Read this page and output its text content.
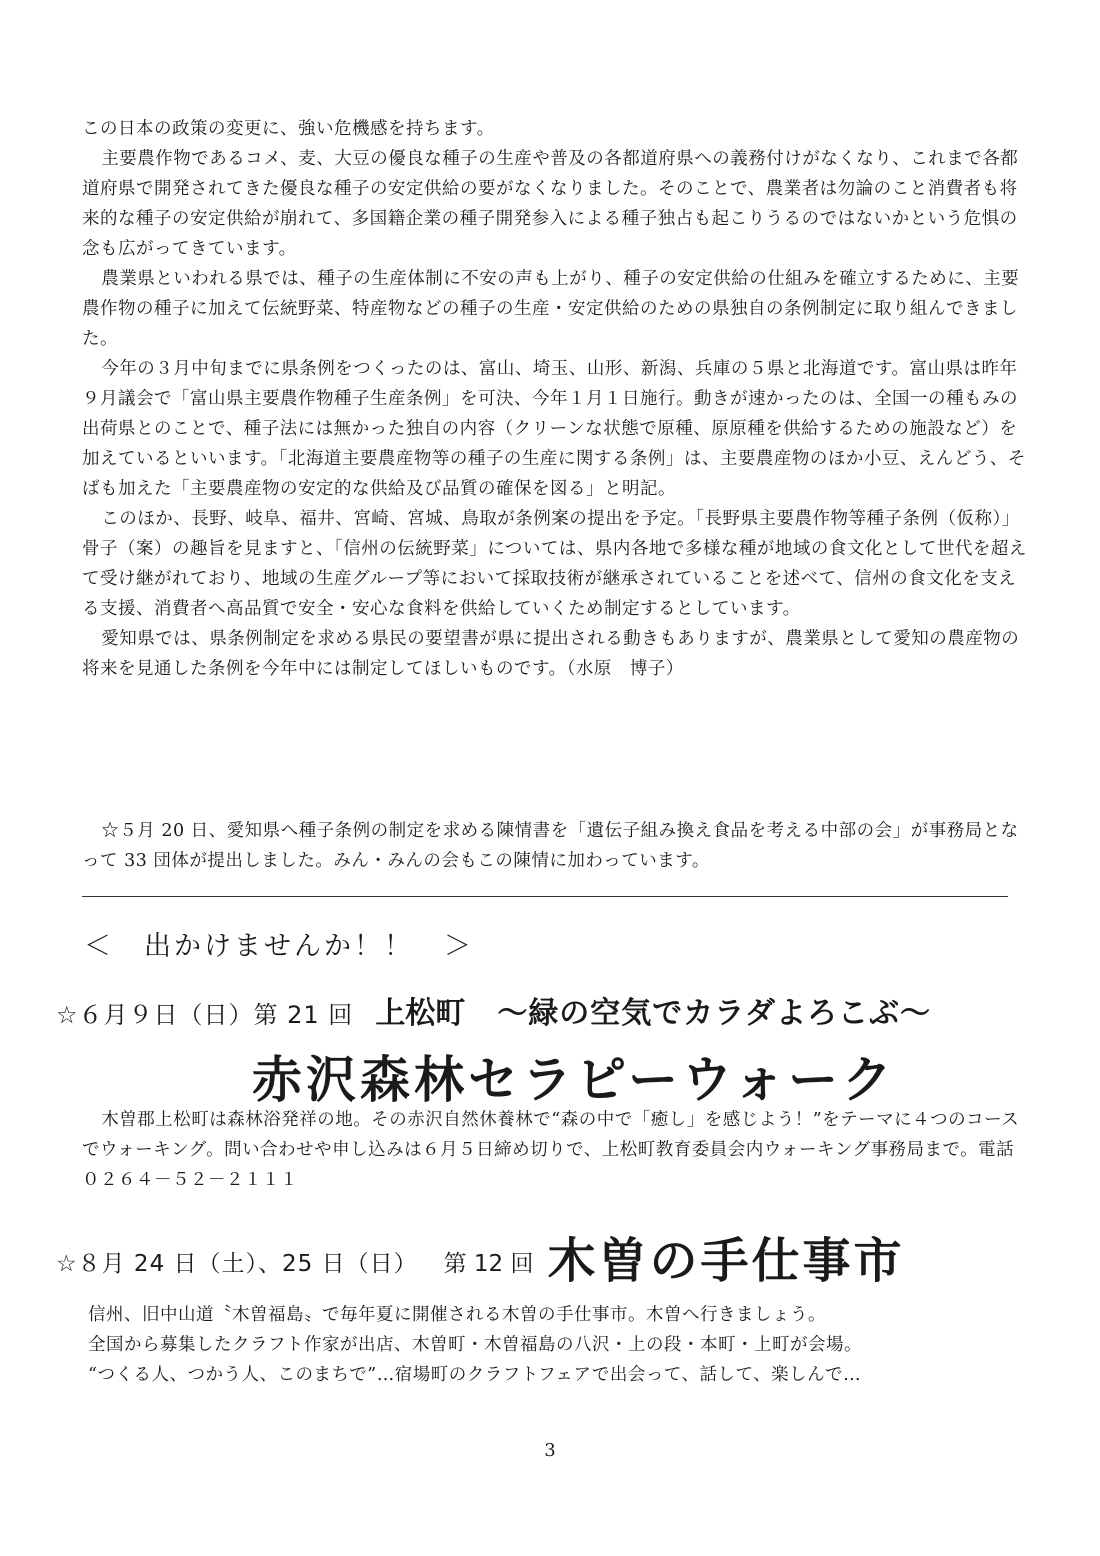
この日本の政策の変更に、強い危機感を持ちます。

主要農作物であるコメ、麦、大豆の優良な種子の生産や普及の各都道府県への義務付けがなくなり、これまで各都道府県で開発されてきた優良な種子の安定供給の要がなくなりました。そのことで、農業者は勿論のこと消費者も将来的な種子の安定供給が崩れて、多国籍企業の種子開発参入による種子独占も起こりうるのではないかという危惧の念も広がってきています。

農業県といわれる県では、種子の生産体制に不安の声も上がり、種子の安定供給の仕組みを確立するために、主要農作物の種子に加えて伝統野菜、特産物などの種子の生産・安定供給のための県独自の条例制定に取り組んできました。

今年の３月中旬までに県条例をつくったのは、富山、埼玉、山形、新潟、兵庫の５県と北海道です。富山県は昨年９月議会で「富山県主要農作物種子生産条例」を可決、今年１月１日施行。動きが速かったのは、全国一の種もみの出荷県とのことで、種子法には無かった独自の内容（クリーンな状態で原種、原原種を供給するための施設など）を加えているといいます。「北海道主要農産物等の種子の生産に関する条例」は、主要農産物のほか小豆、えんどう、そばも加えた「主要農産物の安定的な供給及び品質の確保を図る」と明記。

このほか、長野、岐阜、福井、宮崎、宮城、鳥取が条例案の提出を予定。「長野県主要農作物等種子条例（仮称）」骨子（案）の趣旨を見ますと、「信州の伝統野菜」については、県内各地で多様な種が地域の食文化として世代を超えて受け継がれており、地域の生産グループ等において採取技術が継承されていることを述べて、信州の食文化を支える支援、消費者へ高品質で安全・安心な食料を供給していくため制定するとしています。

愛知県では、県条例制定を求める県民の要望書が県に提出される動きもありますが、農業県として愛知の農産物の将来を見通した条例を今年中には制定してほしいものです。（水原　博子）

☆５月 20 日、愛知県へ種子条例の制定を求める陳情書を「遺伝子組み換え食品を考える中部の会」が事務局となって 33 団体が提出しました。みん・みんの会もこの陳情に加わっています。

＜　出かけませんか！！　＞
☆６月９日（日）第 21 回 上松町 ～緑の空気でカラダよろこぶ～
赤沢森林セラピーウォーク

木曽郡上松町は森林浴発祥の地。その赤沢自然休養林で“森の中で「癒し」を感じよう！”をテーマに４つのコースでウォーキング。問い合わせや申し込みは６月５日締め切りで、上松町教育委員会内ウォーキング事務局まで。電話　０２６４－５２－２１１１

☆８月 24 日（土）、25 日（日） 第 12 回 木曽の手仕事市

信州、旧中山道〝木曽福島〟で毎年夏に開催される木曽の手仕事市。木曽へ行きましょう。

全国から募集したクラフト作家が出店、木曽町・木曽福島の八沢・上の段・本町・上町が会場。

“つくる人、つかう人、このまちで”…宿場町のクラフトフェアで出会って、話して、楽しんで…

3
